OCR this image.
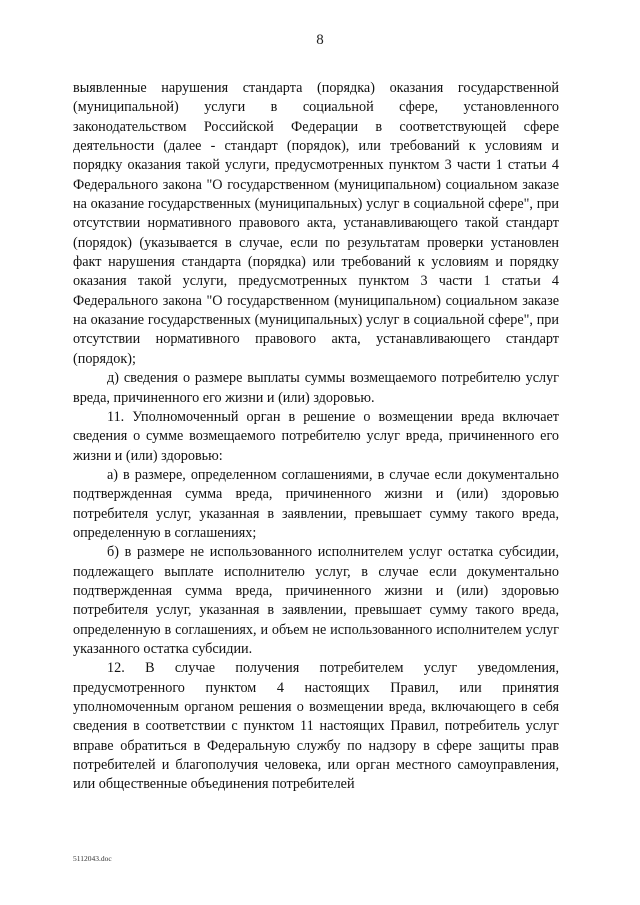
8

выявленные нарушения стандарта (порядка) оказания государственной (муниципальной) услуги в социальной сфере, установленного законодательством Российской Федерации в соответствующей сфере деятельности (далее - стандарт (порядок), или требований к условиям и порядку оказания такой услуги, предусмотренных пунктом 3 части 1 статьи 4 Федерального закона "О государственном (муниципальном) социальном заказе на оказание государственных (муниципальных) услуг в социальной сфере", при отсутствии нормативного правового акта, устанавливающего такой стандарт (порядок) (указывается в случае, если по результатам проверки установлен факт нарушения стандарта (порядка) или требований к условиям и порядку оказания такой услуги, предусмотренных пунктом 3 части 1 статьи 4 Федерального закона "О государственном (муниципальном) социальном заказе на оказание государственных (муниципальных) услуг в социальной сфере", при отсутствии нормативного правового акта, устанавливающего стандарт (порядок);

д) сведения о размере выплаты суммы возмещаемого потребителю услуг вреда, причиненного его жизни и (или) здоровью.

11. Уполномоченный орган в решение о возмещении вреда включает сведения о сумме возмещаемого потребителю услуг вреда, причиненного его жизни и (или) здоровью:

а) в размере, определенном соглашениями, в случае если документально подтвержденная сумма вреда, причиненного жизни и (или) здоровью потребителя услуг, указанная в заявлении, превышает сумму такого вреда, определенную в соглашениях;

б) в размере не использованного исполнителем услуг остатка субсидии, подлежащего выплате исполнителю услуг, в случае если документально подтвержденная сумма вреда, причиненного жизни и (или) здоровью потребителя услуг, указанная в заявлении, превышает сумму такого вреда, определенную в соглашениях, и объем не использованного исполнителем услуг указанного остатка субсидии.

12. В случае получения потребителем услуг уведомления, предусмотренного пунктом 4 настоящих Правил, или принятия уполномоченным органом решения о возмещении вреда, включающего в себя сведения в соответствии с пунктом 11 настоящих Правил, потребитель услуг вправе обратиться в Федеральную службу по надзору в сфере защиты прав потребителей и благополучия человека, или орган местного самоуправления, или общественные объединения потребителей

5112043.doc
